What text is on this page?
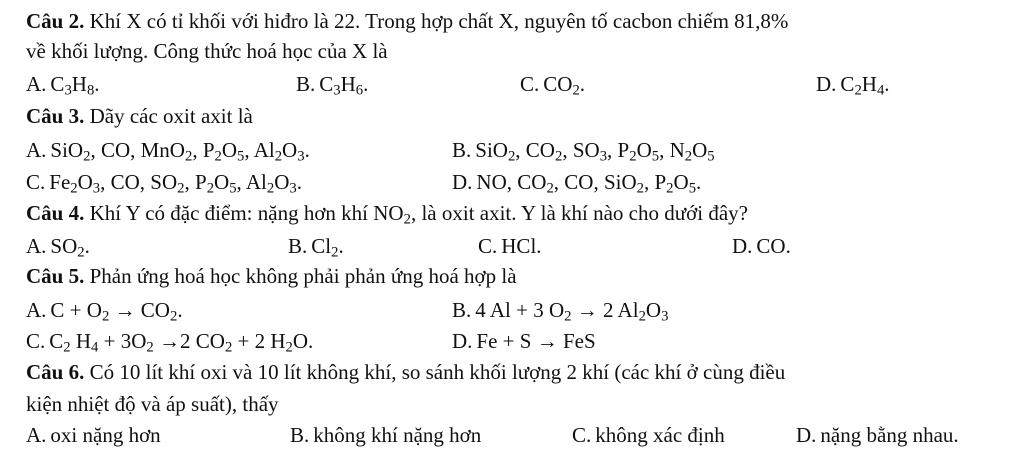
Câu 2. Khí X có tỉ khối với hiđro là 22. Trong hợp chất X, nguyên tố cacbon chiếm 81,8%
về khối lượng. Công thức hoá học của X là
A. $C_3H_8$.	B. $C_3H_6$.	C. $CO_2$.	D. $C_2H_4$.
Câu 3. Dãy các oxit axit là
A. SiO$_2$, CO, MnO$_2$, $P_2O_5$, $Al_2O_3$.	B. SiO$_2$, $CO_2$, $SO_3$, $P_2O_5$, $N_2O_5$
C. $Fe_2O_3$, CO, $SO_2$, $P_2O_5$, $Al_2O_3$.	D. NO, $CO_2$, CO, SiO$_2$, $P_2O_5$.
Câu 4. Khí Y có đặc điểm: nặng hơn khí $NO_2$, là oxit axit. Y là khí nào cho dưới đây?
A. $SO_2$.	B. $Cl_2$.	C. HCl.	D. CO.
Câu 5. Phản ứng hoá học không phải phản ứng hoá hợp là
A. $C + O_2 \to CO_2$.	B. 4 Al + 3 $O_2 \to 2$ $Al_2O_3$
C. $C_2$ $H_4 + 3O_2 \to 2$ $CO_2 + 2$ $H_2O$.	D. Fe + S → FeS
Câu 6. Có 10 lít khí oxi và 10 lít không khí, so sánh khối lượng 2 khí (các khí ở cùng điều
kiện nhiệt độ và áp suất), thấy
A. oxi nặng hơn	B. không khí nặng hơn	C. không xác định	D. nặng bằng nhau.
